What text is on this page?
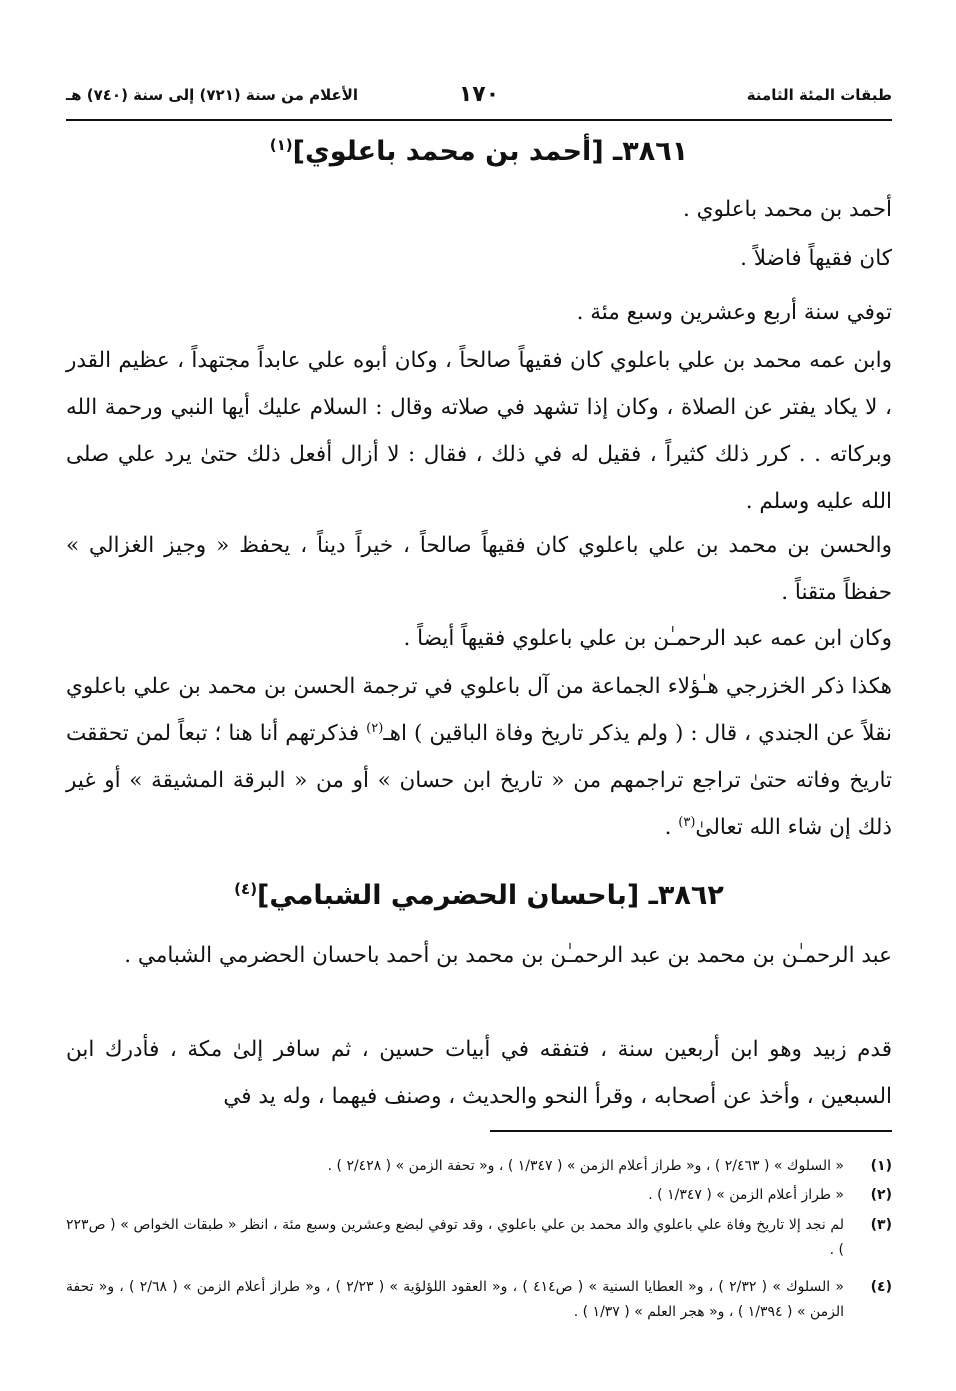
طبقات المئة الثامنة
١٧٠
الأعلام من سنة (٧٢١) إلى سنة (٧٤٠) هـ
٣٨٦١ـ [أحمد بن محمد باعلوي]$^{(١)}$
أحمد بن محمد باعلوي .
كان فقيهاً فاضلاً .
توفي سنة أربع وعشرين وسبع مئة .
وابن عمه محمد بن علي باعلوي كان فقيهاً صالحاً ، وكان أبوه علي عابداً مجتهداً ، عظيم القدر ، لا يكاد يفتر عن الصلاة ، وكان إذا تشهد في صلاته وقال : السلام عليك أيها النبي ورحمة الله وبركاته . . كرر ذلك كثيراً ، فقيل له في ذلك ، فقال : لا أزال أفعل ذلك حتىٰ يرد علي صلى الله عليه وسلم .
والحسن بن محمد بن علي باعلوي كان فقيهاً صالحاً ، خيراً ديناً ، يحفظ « وجيز الغزالي » حفظاً متقناً .
وكان ابن عمه عبد الرحمـٰن بن علي باعلوي فقيهاً أيضاً .
هكذا ذكر الخزرجي هـٰؤلاء الجماعة من آل باعلوي في ترجمة الحسن بن محمد بن علي باعلوي نقلاً عن الجندي ، قال : ( ولم يذكر تاريخ وفاة الباقين ) اهـ$^{(٢)}$ فذكرتهم أنا هنا ؛ تبعاً لمن تحققت تاريخ وفاته حتىٰ تراجع تراجمهم من « تاريخ ابن حسان » أو من « البرقة المشيقة » أو غير ذلك إن شاء الله تعالىٰ$^{(٣)}$ .
٣٨٦٢ـ [باحسان الحضرمي الشبامي]$^{(٤)}$
عبد الرحمـٰن بن محمد بن عبد الرحمـٰن بن محمد بن أحمد باحسان الحضرمي الشبامي .
قدم زبيد وهو ابن أربعين سنة ، فتفقه في أبيات حسين ، ثم سافر إلىٰ مكة ، فأدرك ابن السبعين ، وأخذ عن أصحابه ، وقرأ النحو والحديث ، وصنف فيهما ، وله يد في
(١)
« السلوك » ( ٢/٤٦٣ ) ، و« طراز أعلام الزمن » ( ١/٣٤٧ ) ، و« تحفة الزمن » ( ٢/٤٢٨ ) .
(٢)
« طراز أعلام الزمن » ( ١/٣٤٧ ) .
(٣)
لم نجد إلا تاريخ وفاة علي باعلوي والد محمد بن علي باعلوي ، وقد توفي لبضع وعشرين وسبع مئة ، انظر « طبقات الخواص » ( ص٢٢٣ ) .
(٤)
« السلوك » ( ٢/٣٢ ) ، و« العطايا السنية » ( ص٤١٤ ) ، و« العقود اللؤلؤية » ( ٢/٢٣ ) ، و« طراز أعلام الزمن » ( ٢/٦٨ ) ، و« تحفة الزمن » ( ١/٣٩٤ ) ، و« هجر العلم » ( ١/٣٧ ) .
